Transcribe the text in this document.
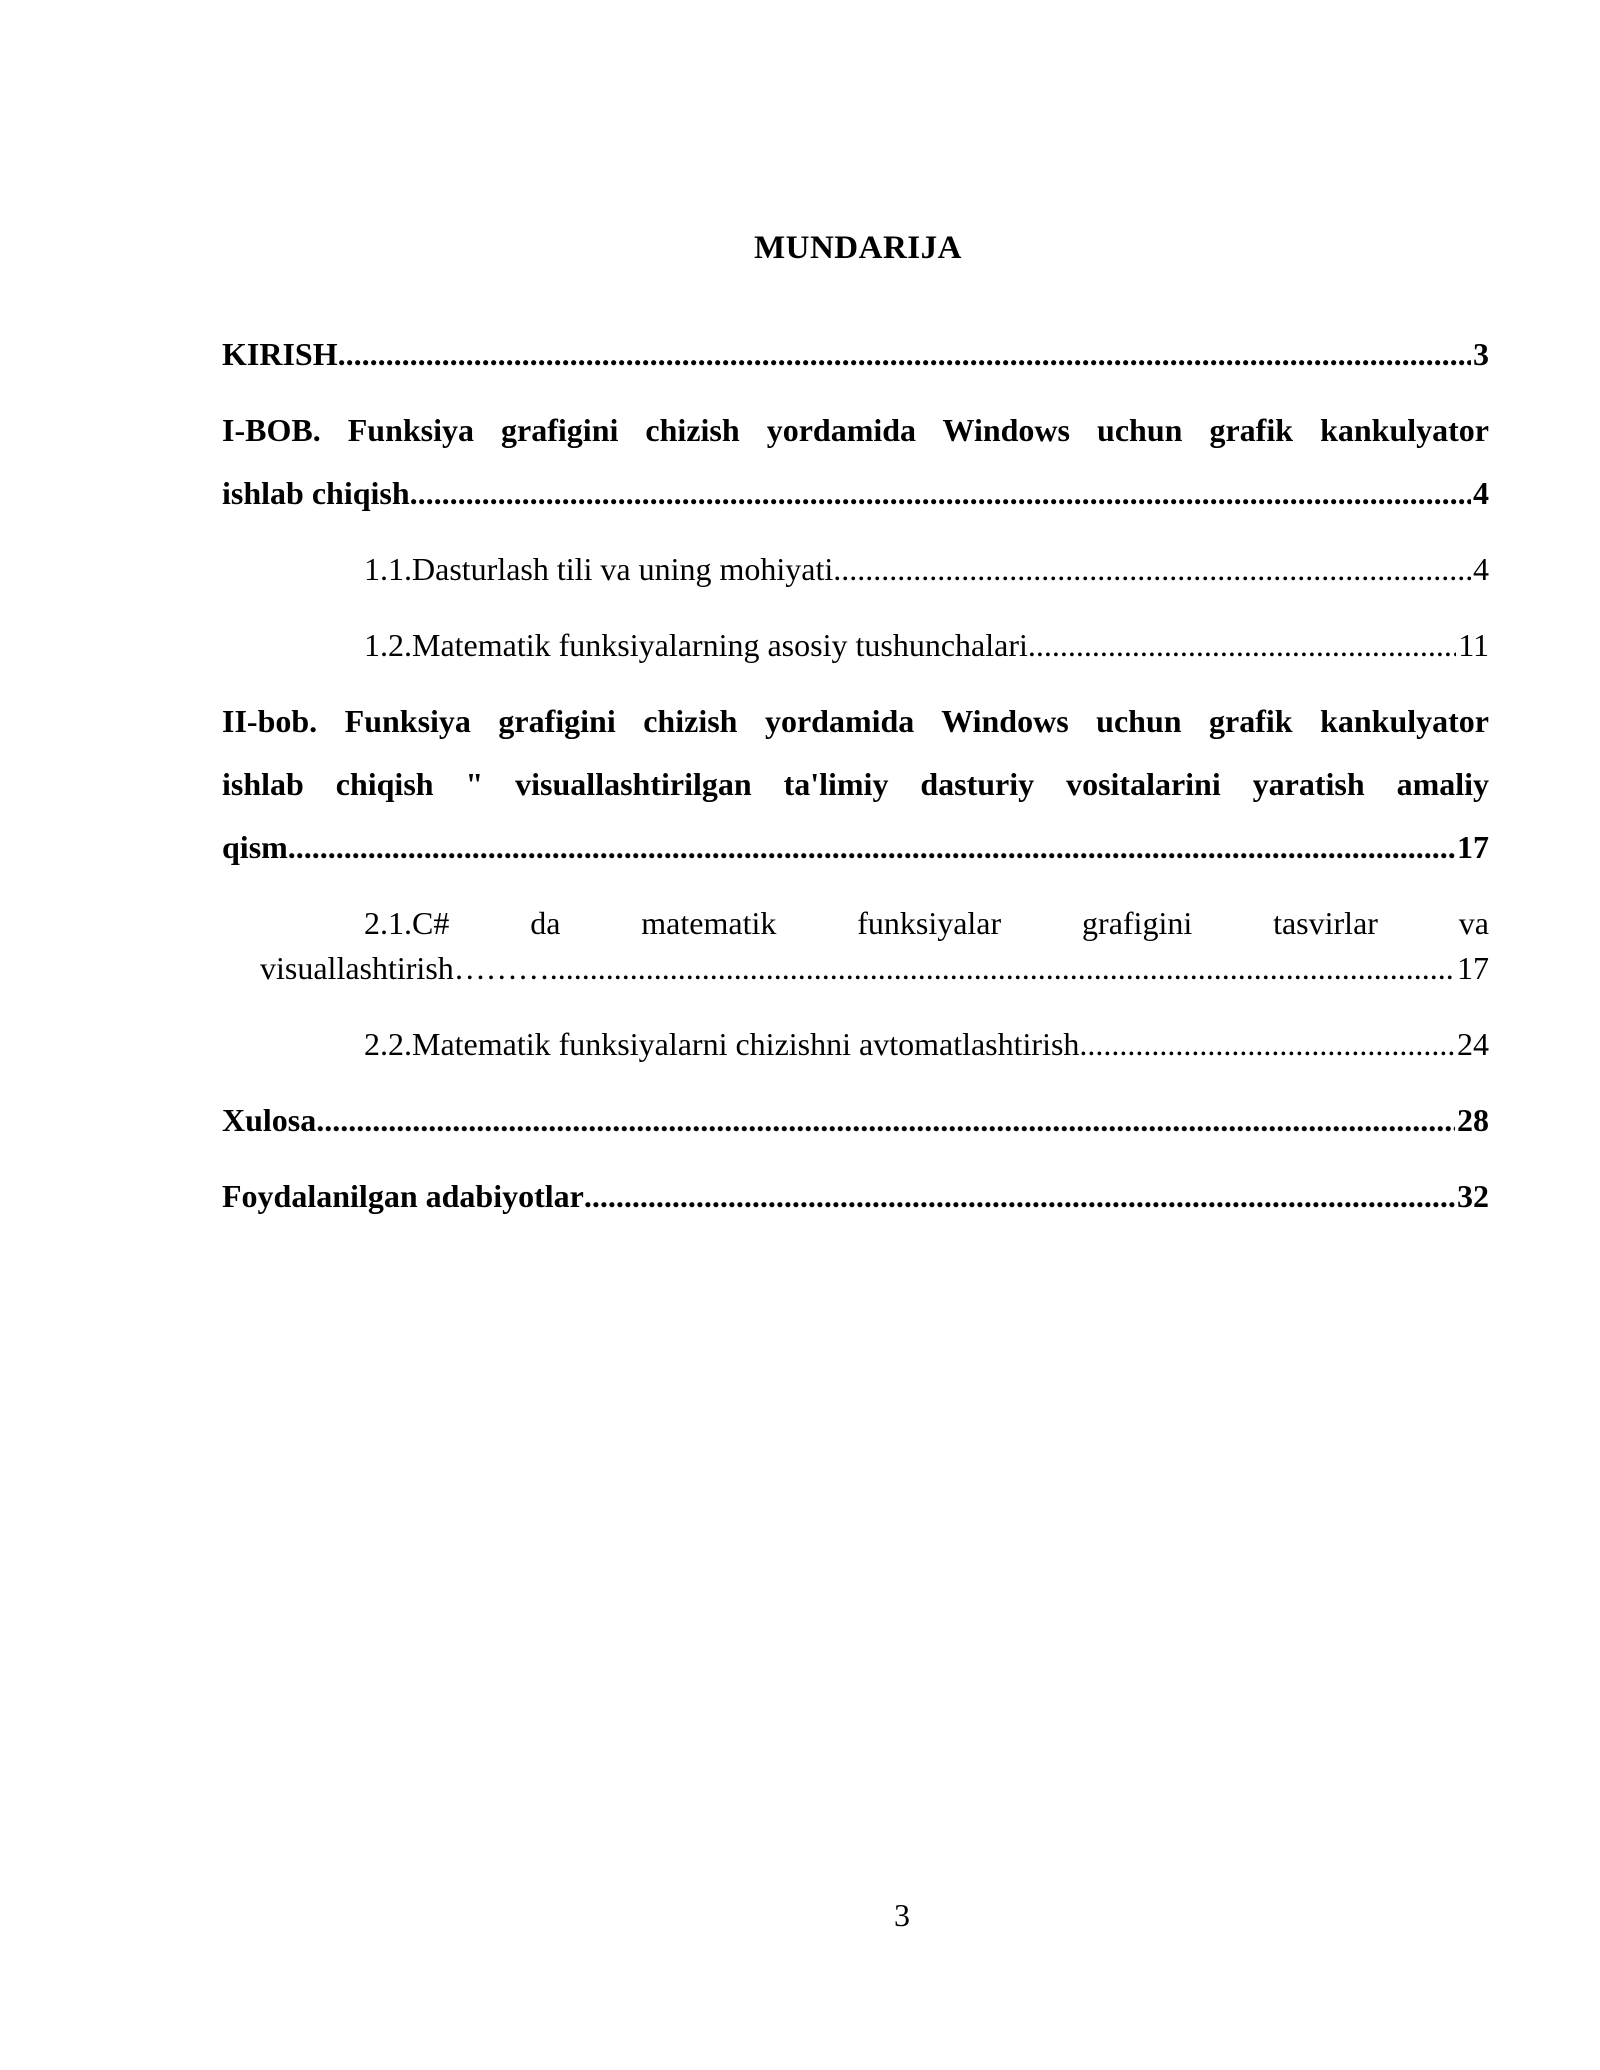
MUNDARIJA
KIRISH .....	3
I-BOB. Funksiya grafigini chizish yordamida Windows uchun grafik kankulyator
ishlab chiqish .....	4
1.1.Dasturlash tili va uning mohiyati. .....	4
1.2.Matematik funksiyalarning asosiy tushunchalari .....	11
II-bob. Funksiya grafigini chizish yordamida Windows uchun grafik kankulyator
ishlab chiqish " visuallashtirilgan ta'limiy dasturiy vositalarini yaratish amaliy
qism .....	17
2.1.C# da matematik funksiyalar grafigini tasvirlar va
visuallashtirish……… .....	17
2.2.Matematik funksiyalarni chizishni avtomatlashtirish .....	24
Xulosa .....	28
Foydalanilgan adabiyotlar .....	32
3
